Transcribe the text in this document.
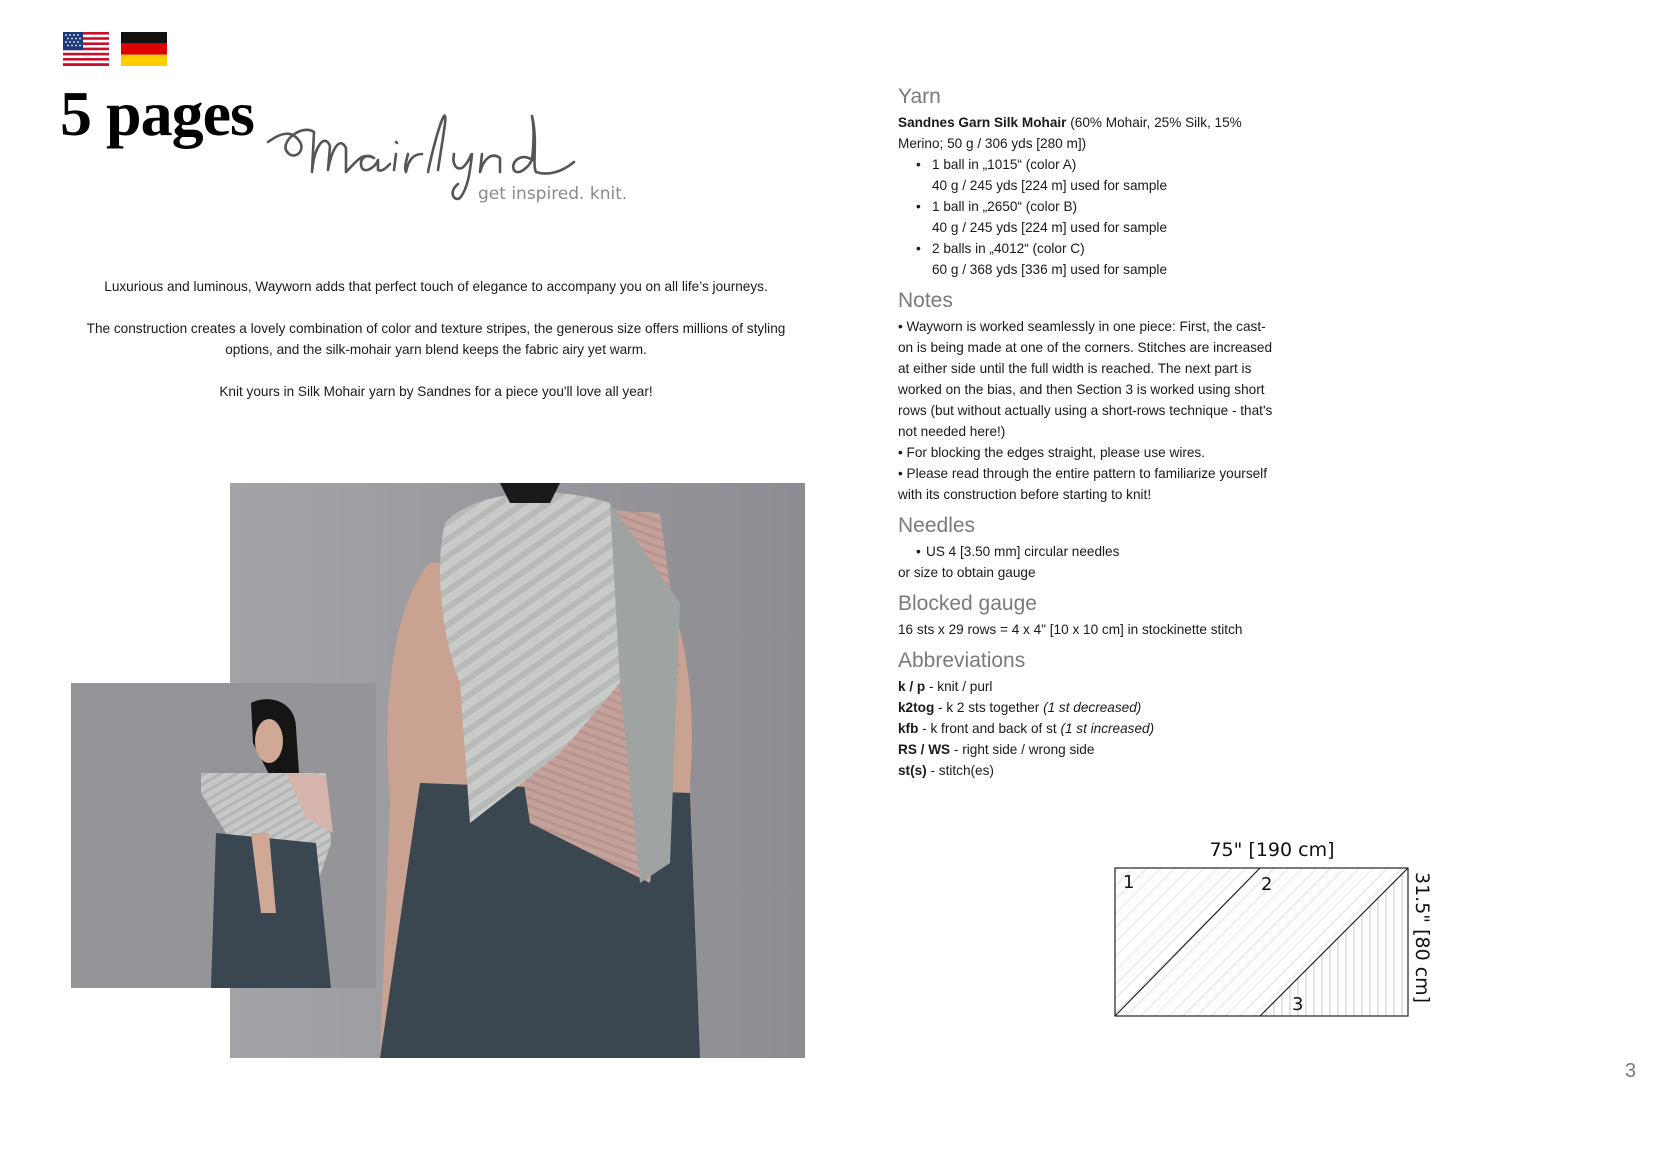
5 pages
get inspired. knit.

Luxurious and luminous, Wayworn adds that perfect touch of elegance to accompany you on all life’s journeys.

The construction creates a lovely combination of color and texture stripes, the generous size offers millions of styling options, and the silk-mohair yarn blend keeps the fabric airy yet warm.

Knit yours in Silk Mohair yarn by Sandnes for a piece you'll love all year!

Yarn

Sandnes Garn Silk Mohair (60% Mohair, 25% Silk, 15% Merino; 50 g / 306 yds [280 m])

• 1 ball in „1015“ (color A)
40 g / 245 yds [224 m] used for sample
• 1 ball in „2650“ (color B)
40 g / 245 yds [224 m] used for sample
• 2 balls in „4012“ (color C)
60 g / 368 yds [336 m] used for sample
Notes

• Wayworn is worked seamlessly in one piece: First, the cast-on is being made at one of the corners. Stitches are increased at either side until the full width is reached. The next part is worked on the bias, and then Section 3 is worked using short rows (but without actually using a short-rows technique - that's not needed here!)

• For blocking the edges straight, please use wires.

• Please read through the entire pattern to familiarize yourself with its construction before starting to knit!

Needles
• US 4 [3.50 mm] circular needles

or size to obtain gauge

Blocked gauge

16 sts x 29 rows = 4 x 4" [10 x 10 cm] in stockinette stitch

Abbreviations

k / p - knit / purl

k2tog - k 2 sts together (1 st decreased)

kfb - k front and back of st (1 st increased)

RS / WS - right side / wrong side

st(s) - stitch(es)

75" [190 cm]
1	2
3
31.5" [80 cm]
3
